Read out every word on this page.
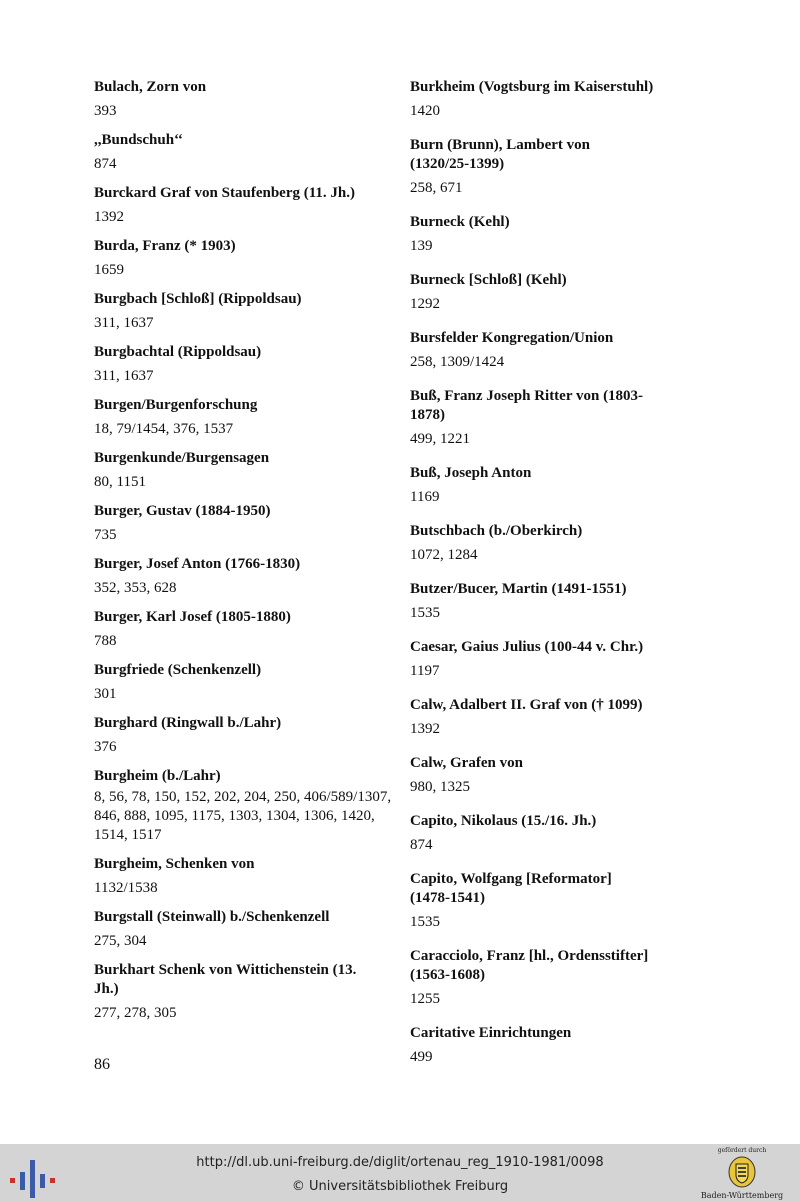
Bulach, Zorn von
393
,,Bundschuh‘‘
874
Burckard Graf von Staufenberg (11. Jh.)
1392
Burda, Franz (* 1903)
1659
Burgbach [Schloß] (Rippoldsau)
311, 1637
Burgbachtal (Rippoldsau)
311, 1637
Burgen/Burgenforschung
18, 79/1454, 376, 1537
Burgenkunde/Burgensagen
80, 1151
Burger, Gustav (1884-1950)
735
Burger, Josef Anton (1766-1830)
352, 353, 628
Burger, Karl Josef (1805-1880)
788
Burgfriede (Schenkenzell)
301
Burghard (Ringwall b./Lahr)
376
Burgheim (b./Lahr)
8, 56, 78, 150, 152, 202, 204, 250, 406/589/1307, 846, 888, 1095, 1175, 1303, 1304, 1306, 1420, 1514, 1517
Burgheim, Schenken von
1132/1538
Burgstall (Steinwall) b./Schenkenzell
275, 304
Burkhart Schenk von Wittichenstein (13. Jh.)
277, 278, 305
Burkheim (Vogtsburg im Kaiserstuhl)
1420
Burn (Brunn), Lambert von (1320/25-1399)
258, 671
Burneck (Kehl)
139
Burneck [Schloß] (Kehl)
1292
Bursfelder Kongregation/Union
258, 1309/1424
Buß, Franz Joseph Ritter von (1803-1878)
499, 1221
Buß, Joseph Anton
1169
Butschbach (b./Oberkirch)
1072, 1284
Butzer/Bucer, Martin (1491-1551)
1535
Caesar, Gaius Julius (100-44 v. Chr.)
1197
Calw, Adalbert II. Graf von († 1099)
1392
Calw, Grafen von
980, 1325
Capito, Nikolaus (15./16. Jh.)
874
Capito, Wolfgang [Reformator] (1478-1541)
1535
Caracciolo, Franz [hl., Ordensstifter] (1563-1608)
1255
Caritative Einrichtungen
499
86
http://dl.ub.uni-freiburg.de/diglit/ortenau_reg_1910-1981/0098
© Universitätsbibliothek Freiburg
gefördert durch
Baden-Württemberg
